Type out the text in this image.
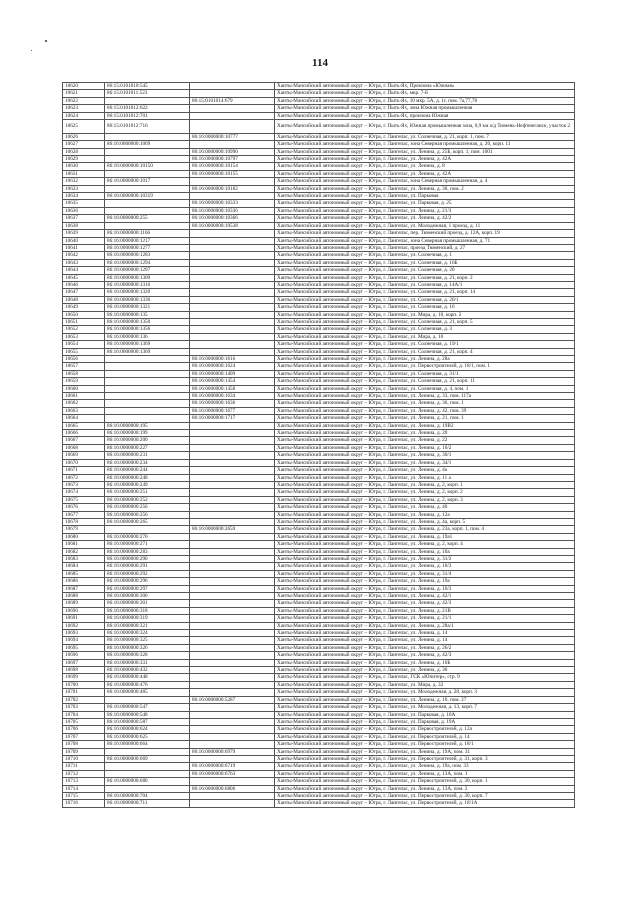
114
10620	86:15:0101010:545		Ханты-Мансийский автономный округ – Югра, г. Пыть-Ях, Промзона «Южная»
10621	86:15:0101011:523		Ханты-Мансийский автономный округ – Югра, г. Пыть-Ях, мкр. 7-й
10622		86:15:0101014:679	Ханты-Мансийский автономный округ – Югра, г. Пыть-Ях, 10 мкр. 5А, д. 1г, пом. 7а,77,78
10623	86:15:0101012:622		Ханты-Мансийский автономный округ – Югра, г. Пыть-Ях, зона Южная промышленная
10624	86:15:0101012:701		Ханты-Мансийский автономный округ – Югра, г. Пыть-Ях, промзона Южная
10625	86:15:0101012:716		Ханты-Мансийский автономный округ – Югра, г. Пыть-Ях, Южная промышленная зона, 0,9 км а/д Тюмень-Нефтеюганск, участок 2
10626		86:16:0000000:10777	Ханты-Мансийский автономный округ – Югра, г. Лангепас, ул. Солнечная, д. 21, корп. 1, пом. 7
10627	86:16:0000000:1069		Ханты-Мансийский автономный округ – Югра, г. Лангепас, зона Северная промышленная, д. 20, корп. 11
10628		86:16:0000000:10990	Ханты-Мансийский автономный округ – Югра, г. Лангепас, ул. Ленина, д. 25Б, корп. 1, пом. 1001
10629		86:16:0000000:10797	Ханты-Мансийский автономный округ – Югра, г. Лангепас, ул. Ленина, д. 42А
10630	86:16:0000000:10150	86:16:0000000:10154	Ханты-Мансийский автономный округ – Югра, г. Лангепас, ул. Ленина, д. 8
10631		86:16:0000000:10155	Ханты-Мансийский автономный округ – Югра, г. Лангепас, ул. Ленина, д. 42А
10632	86:16:0000000:1017		Ханты-Мансийский автономный округ – Югра, г. Лангепас, зона Северная промышленная, д. 4
10633		86:16:0000000:10182	Ханты-Мансийский автономный округ – Югра, г. Лангепас, ул. Ленина, д. 30, пом. 2
10634	86:16:0000000:10319		Ханты-Мансийский автономный округ – Югра, г. Лангепас, ул. Парковая
10635		86:16:0000000:10333	Ханты-Мансийский автономный округ – Югра, г. Лангепас, ул. Парковая, д. 25
10636		86:16:0000000:10336	Ханты-Мансийский автономный округ – Югра, г. Лангепас, ул. Ленина, д. 21/3
10637	86:16:0000000:255	86:16:0000000:10366	Ханты-Мансийский автономный округ – Югра, г. Лангепас, ул. Ленина, д. 42/2
10638		86:16:0000000:10538	Ханты-Мансийский автономный округ – Югра, г. Лангепас, ул. Молодежная, 1 проезд, д. 11
10639	86:16:0000000:1166		Ханты-Мансийский автономный округ – Югра, г. Лангепас, пер. Тюменский проезд, д. 12А, корп. 19
10640	86:16:0000000:1217		Ханты-Мансийский автономный округ – Югра, г. Лангепас, зона Северная промышленная, д. 71
10641	86:16:0000000:1277		Ханты-Мансийский автономный округ – Югра, г. Лангепас, проезд Тюменский, д. 27
10642	86:16:0000000:1283		Ханты-Мансийский автономный округ – Югра, г. Лангепас, ул. Солнечная, д. 1
10643	86:16:0000000:1294		Ханты-Мансийский автономный округ – Югра, г. Лангепас, ул. Солнечная, д. 16Б
10644	86:16:0000000:1297		Ханты-Мансийский автономный округ – Югра, г. Лангепас, ул. Солнечная, д. 20
10645	86:16:0000000:1309		Ханты-Мансийский автономный округ – Югра, г. Лангепас, ул. Солнечная, д. 21, корп. 2
10646	86:16:0000000:1316		Ханты-Мансийский автономный округ – Югра, г. Лангепас, ул. Солнечная, д. 14А/1
10647	86:16:0000000:1320		Ханты-Мансийский автономный округ – Югра, г. Лангепас, ул. Солнечная, д. 21, корп. 14
10648	86:16:0000000:1336		Ханты-Мансийский автономный округ – Югра, г. Лангепас, ул. Солнечная, д. 20/1
10649	86:16:0000000:1321		Ханты-Мансийский автономный округ – Югра, г. Лангепас, ул. Солнечная, д. 16
10650	86:16:0000000:135		Ханты-Мансийский автономный округ – Югра, г. Лангепас, ул. Мира, д. 10, корп. 2
10651	86:16:0000000:1350		Ханты-Мансийский автономный округ – Югра, г. Лангепас, ул. Солнечная, д. 21, корп. 5
10652	86:16:0000000:1356		Ханты-Мансийский автономный округ – Югра, г. Лангепас, ул. Солнечная, д. 3
10653	86:16:0000000:136		Ханты-Мансийский автономный округ – Югра, г. Лангепас, ул. Мира, д. 10
10654	86:16:0000000:1369		Ханты-Мансийский автономный округ – Югра, г. Лангепас, ул. Солнечная, д. 19/1
10655	86:16:0000000:1369		Ханты-Мансийский автономный округ – Югра, г. Лангепас, ул. Солнечная, д. 21, корп. 4
10656		86:16:0000000:1616	Ханты-Мансийский автономный округ – Югра, г. Лангепас, ул. Ленина, д. 28а
10657		86:16:0000000:1624	Ханты-Мансийский автономный округ – Югра, г. Лангепас, ул. Первостроителей, д. 18/1, пом. 1
10658		86:16:0000000:1409	Ханты-Мансийский автономный округ – Югра, г. Лангепас, ул. Солнечная, д. 31/1
10659		86:16:0000000:1454	Ханты-Мансийский автономный округ – Югра, г. Лангепас, ул. Солнечная, д. 21, корп. 11
10660		86:16:0000000:1458	Ханты-Мансийский автономный округ – Югра, г. Лангепас, ул. Солнечная, д. 4, пом. 1
10661		86:16:0000000:1634	Ханты-Мансийский автономный округ – Югра, г. Лангепас, ул. Ленина, д. 33, пом. 117а
10662		86:16:0000000:1636	Ханты-Мансийский автономный округ – Югра, г. Лангепас, ул. Ленина, д. 36, пом. 1
10663		86:16:0000000:1677	Ханты-Мансийский автономный округ – Югра, г. Лангепас, ул. Ленина, д. 42, пом. 39
10664		86:16:0000000:1717	Ханты-Мансийский автономный округ – Югра, г. Лангепас, ул. Ленина, д. 21, пом. 1
10665	86:16:0000000:195		Ханты-Мансийский автономный округ – Югра, г. Лангепас, ул. Ленина, д. 19В2
10666	86:16:0000000:199		Ханты-Мансийский автономный округ – Югра, г. Лангепас, ул. Ленина, д. 20
10667	86:16:0000000:200		Ханты-Мансийский автономный округ – Югра, г. Лангепас, ул. Ленина, д. 22
10668	86:16:0000000:227		Ханты-Мансийский автономный округ – Югра, г. Лангепас, ул. Ленина, д. 16/2
10669	86:16:0000000:231		Ханты-Мансийский автономный округ – Югра, г. Лангепас, ул. Ленина, д. 30/1
10670	86:16:0000000:234		Ханты-Мансийский автономный округ – Югра, г. Лангепас, ул. Ленина, д. 34/1
10671	86:16:0000000:244		Ханты-Мансийский автономный округ – Югра, г. Лангепас, ул. Ленина, д. 4а
10672	86:16:0000000:248		Ханты-Мансийский автономный округ – Югра, г. Лангепас, ул. Ленина, д. 11 а
10673	86:16:0000000:249		Ханты-Мансийский автономный округ – Югра, г. Лангепас, ул. Ленина, д. 2, корп. 1
10674	86:16:0000000:251		Ханты-Мансийский автономный округ – Югра, г. Лангепас, ул. Ленина, д. 2, корп. 2
10675	86:16:0000000:252		Ханты-Мансийский автономный округ – Югра, г. Лангепас, ул. Ленина, д. 2, корп. 3
10676	86:16:0000000:256		Ханты-Мансийский автономный округ – Югра, г. Лангепас, ул. Ленина, д. 40
10677	86:16:0000000:256		Ханты-Мансийский автономный округ – Югра, г. Лангепас, ул. Ленина, д. 12а
10678	86:16:0000000:265		Ханты-Мансийский автономный округ – Югра, г. Лангепас, ул. Ленина, д. 4а, корп. 5
10679		86:16:0000000:2659	Ханты-Мансийский автономный округ – Югра, г. Лангепас, ул. Ленина, д. 23а, корп. 1, пом. 4
10680	86:16:0000000:270		Ханты-Мансийский автономный округ – Югра, г. Лангепас, ул. Ленина, д. 19а1
10681	86:16:0000000:271		Ханты-Мансийский автономный округ – Югра, г. Лангепас, ул. Ленина, д. 2, корп. 4
10682	86:16:0000000:283		Ханты-Мансийский автономный округ – Югра, г. Лангепас, ул. Ленина, д. 10а
10683	86:16:0000000:290		Ханты-Мансийский автономный округ – Югра, г. Лангепас, ул. Ленина, д. 31/2
10684	86:16:0000000:291		Ханты-Мансийский автономный округ – Югра, г. Лангепас, ул. Ленина, д. 10/3
10685	86:16:0000000:292		Ханты-Мансийский автономный округ – Югра, г. Лангепас, ул. Ленина, д. 31/4
10686	86:16:0000000:296		Ханты-Мансийский автономный округ – Югра, г. Лангепас, ул. Ленина, д. 19а
10687	86:16:0000000:297		Ханты-Мансийский автономный округ – Югра, г. Лангепас, ул. Ленина, д. 10/3
10688	86:16:0000000:300		Ханты-Мансийский автономный округ – Югра, г. Лангепас, ул. Ленина, д. 42/1
10689	86:16:0000000:301		Ханты-Мансийский автономный округ – Югра, г. Лангепас, ул. Ленина, д. 42/3
10690	86:16:0000000:318		Ханты-Мансийский автономный округ – Югра, г. Лангепас, ул. Ленина, д. 21В
10691	86:16:0000000:319		Ханты-Мансийский автономный округ – Югра, г. Лангепас, ул. Ленина, д. 21/1
10692	86:16:0000000:321		Ханты-Мансийский автономный округ – Югра, г. Лангепас, ул. Ленина, д. 28а/1
10693	86:16:0000000:324		Ханты-Мансийский автономный округ – Югра, г. Лангепас, ул. Ленина, д. 14
10694	86:16:0000000:325		Ханты-Мансийский автономный округ – Югра, г. Лангепас, ул. Ленина, д. 14
10695	86:16:0000000:326		Ханты-Мансийский автономный округ – Югра, г. Лангепас, ул. Ленина, д. 26/2
10696	86:16:0000000:328		Ханты-Мансийский автономный округ – Югра, г. Лангепас, ул. Ленина, д. 42/3
10697	86:16:0000000:331		Ханты-Мансийский автономный округ – Югра, г. Лангепас, ул. Ленина, д. 10Б
10698	86:16:0000000:432		Ханты-Мансийский автономный округ – Югра, г. Лангепас, ул. Ленина, д. 36
10699	86:16:0000000:448		Ханты-Мансийский автономный округ – Югра, г. Лангепас, ГСК «Юпитер», стр. 9
10700	86:16:0000000:476		Ханты-Мансийский автономный округ – Югра, г. Лангепас, ул. Мира, д. 32
10701	86:16:0000000:485		Ханты-Мансийский автономный округ – Югра, г. Лангепас, ул. Молодежная, д. 28, корп. 3
10702		86:16:0000000:5287	Ханты-Мансийский автономный округ – Югра, г. Лангепас, ул. Ленина, д. 10, пом. 27
10703	86:16:0000000:547		Ханты-Мансийский автономный округ – Югра, г. Лангепас, ул. Молодежная, д. 13, корп. 7
10704	86:16:0000000:548		Ханты-Мансийский автономный округ – Югра, г. Лангепас, ул. Парковая, д. 10А
10705	86:16:0000000:587		Ханты-Мансийский автономный округ – Югра, г. Лангепас, ул. Парковая, д. 19А
10706	86:16:0000000:624		Ханты-Мансийский автономный округ – Югра, г. Лангепас, ул. Первостроителей, д. 12а
10707	86:16:0000000:625		Ханты-Мансийский автономный округ – Югра, г. Лангепас, ул. Первостроителей, д. 14
10708	86:16:0000000:664		Ханты-Мансийский автономный округ – Югра, г. Лангепас, ул. Первостроителей, д. 18/1
10709		86:16:0000000:6979	Ханты-Мансийский автономный округ – Югра, г. Лангепас, ул. Ленина, д. 19А, пом. 31
10710	86:16:0000000:669		Ханты-Мансийский автономный округ – Югра, г. Лангепас, ул. Первостроителей, д. 31, корп. 3
10711		86:16:0000000:6719	Ханты-Мансийский автономный округ – Югра, г. Лангепас, ул. Ленина, д. 19а, пом. 33
10712		86:16:0000000:6763	Ханты-Мансийский автономный округ – Югра, г. Лангепас, ул. Ленина, д. 13А, пом. 1
10713	86:16:0000000:680		Ханты-Мансийский автономный округ – Югра, г. Лангепас, ул. Первостроителей, д. 30, корп. 1
10714		86:16:0000000:6806	Ханты-Мансийский автономный округ – Югра, г. Лангепас, ул. Ленина, д. 13А, пом. 2
10715	86:16:0000000:704		Ханты-Мансийский автономный округ – Югра, г. Лангепас, ул. Первостроителей, д. 30, корп. 7
10716	86:16:0000000:711		Ханты-Мансийский автономный округ – Югра, г. Лангепас, ул. Первостроителей, д. 18/1А
